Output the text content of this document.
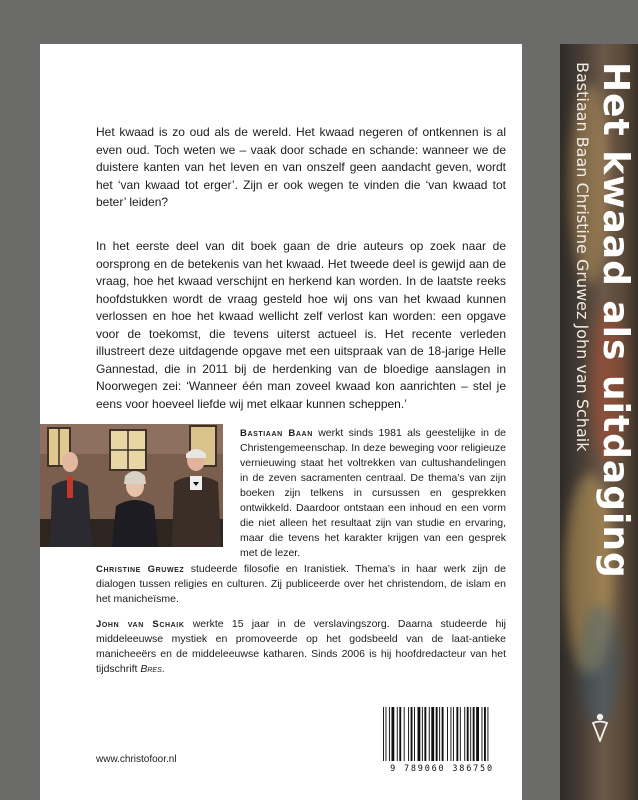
Het kwaad is zo oud als de wereld. Het kwaad negeren of ontkennen is al even oud. Toch weten we – vaak door schade en schande: wanneer we de duistere kanten van het leven en van onszelf geen aandacht geven, wordt het ‘van kwaad tot erger’. Zijn er ook wegen te vinden die ‘van kwaad tot beter’ leiden?

In het eerste deel van dit boek gaan de drie auteurs op zoek naar de oorsprong en de betekenis van het kwaad. Het tweede deel is gewijd aan de vraag, hoe het kwaad verschijnt en herkend kan worden. In de laatste reeks hoofdstukken wordt de vraag gesteld hoe wij ons van het kwaad kunnen verlossen en hoe het kwaad wellicht zelf verlost kan worden: een opgave voor de toekomst, die tevens uiterst actueel is. Het recente verleden illustreert deze uitdagende opgave met een uitspraak van de 18-jarige Helle Gannestad, die in 2011 bij de herdenking van de bloedige aanslagen in Noorwegen zei: ‘Wanneer één man zoveel kwaad kon aanrichten – stel je eens voor hoeveel liefde wij met elkaar kunnen scheppen.’

Bastiaan Baan werkt sinds 1981 als geestelijke in de Christengemeenschap. In deze beweging voor religieuze vernieuwing staat het voltrekken van cultushandelingen in de zeven sacramenten centraal. De thema’s van zijn boeken zijn telkens in cursussen en gesprekken ontwikkeld. Daardoor ontstaan een inhoud en een vorm die niet alleen het resultaat zijn van studie en ervaring, maar die tevens het karakter krijgen van een gesprek met de lezer.

Christine Gruwez studeerde filosofie en Iranistiek. Thema’s in haar werk zijn de dialogen tussen religies en culturen. Zij publiceerde over het christendom, de islam en het manicheïsme.

John van Schaik werkte 15 jaar in de verslavingszorg. Daarna studeerde hij middeleeuwse mystiek en promoveerde op het godsbeeld van de laat-antieke manicheeërs en de middeleeuwse katharen. Sinds 2006 is hij hoofdredacteur van het tijdschrift Bres.

www.christofoor.nl
9 789060 386750
Het kwaad als uitdaging
Bastiaan Baan Christine Gruwez John van Schaik
